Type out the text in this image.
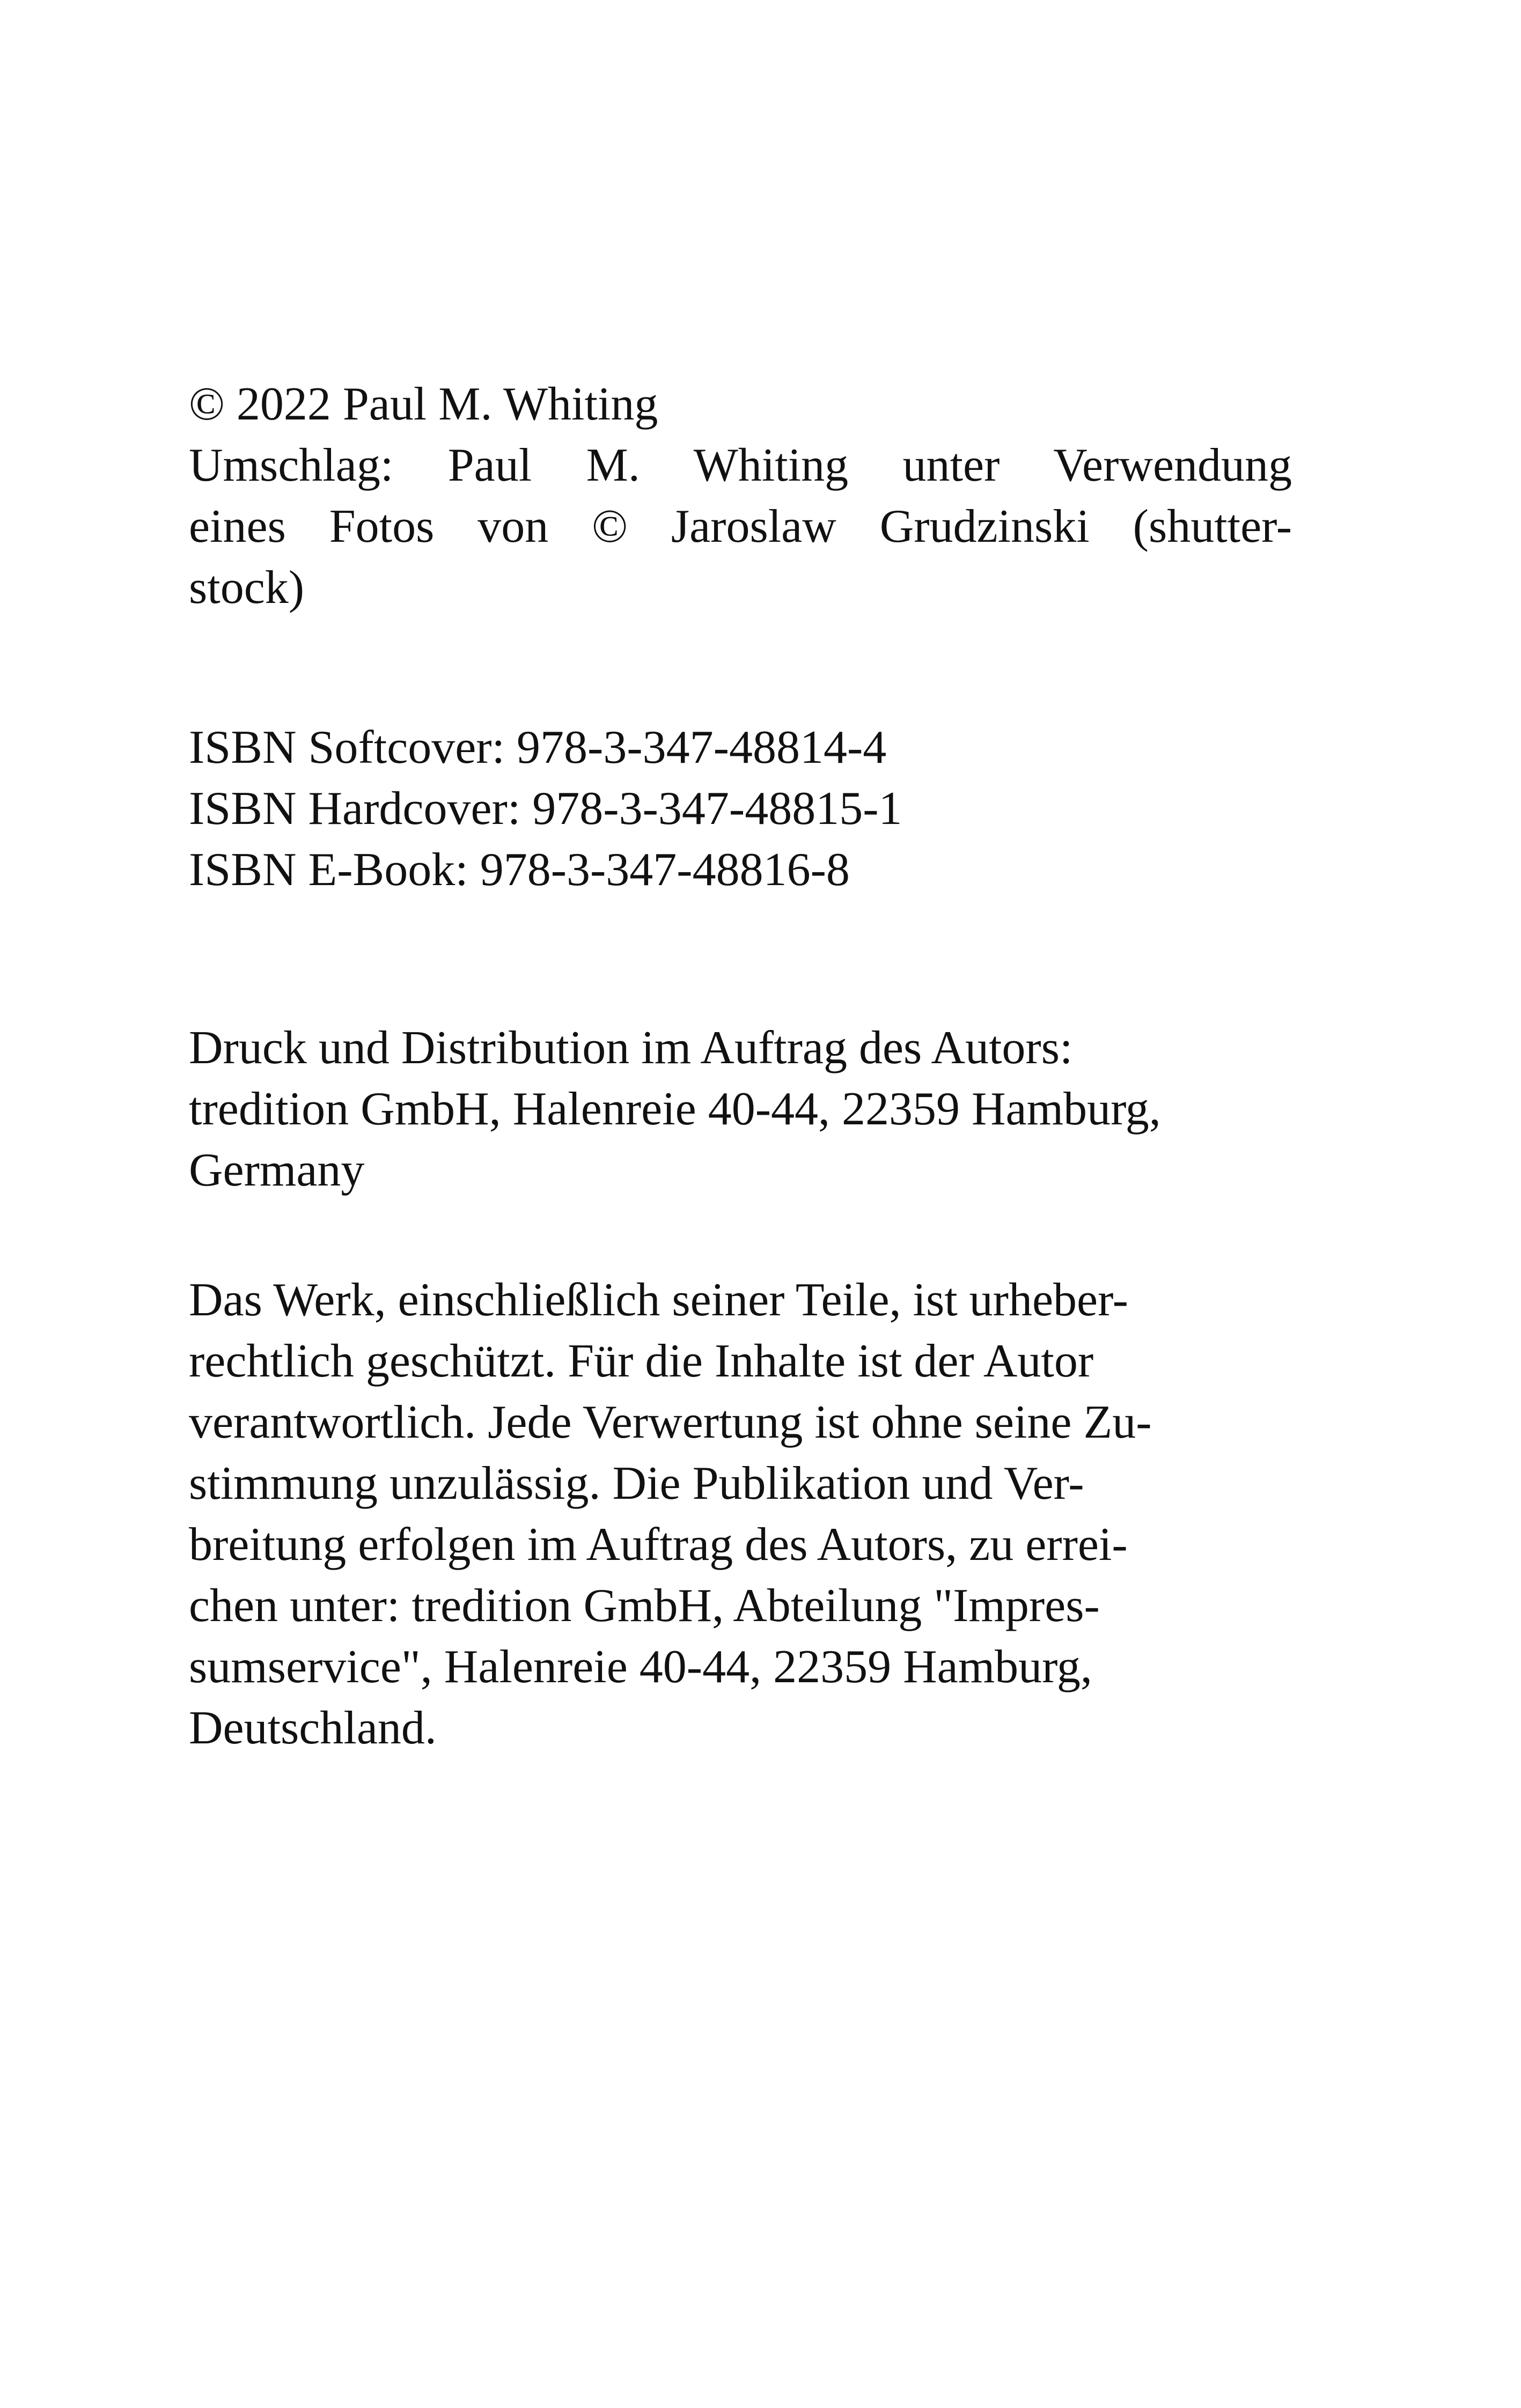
© 2022 Paul M. Whiting
Umschlag: Paul M. Whiting unter Verwendung
eines Fotos von © Jaroslaw Grudzinski (shutter-
stock)
ISBN Softcover: 978-3-347-48814-4
ISBN Hardcover: 978-3-347-48815-1
ISBN E-Book: 978-3-347-48816-8
Druck und Distribution im Auftrag des Autors:
tredition GmbH, Halenreie 40-44, 22359 Hamburg,
Germany
Das Werk, einschließlich seiner Teile, ist urheber-
rechtlich geschützt. Für die Inhalte ist der Autor
verantwortlich. Jede Verwertung ist ohne seine Zu-
stimmung unzulässig. Die Publikation und Ver-
breitung erfolgen im Auftrag des Autors, zu errei-
chen unter: tredition GmbH, Abteilung "Impres-
sumservice", Halenreie 40-44, 22359 Hamburg,
Deutschland.
